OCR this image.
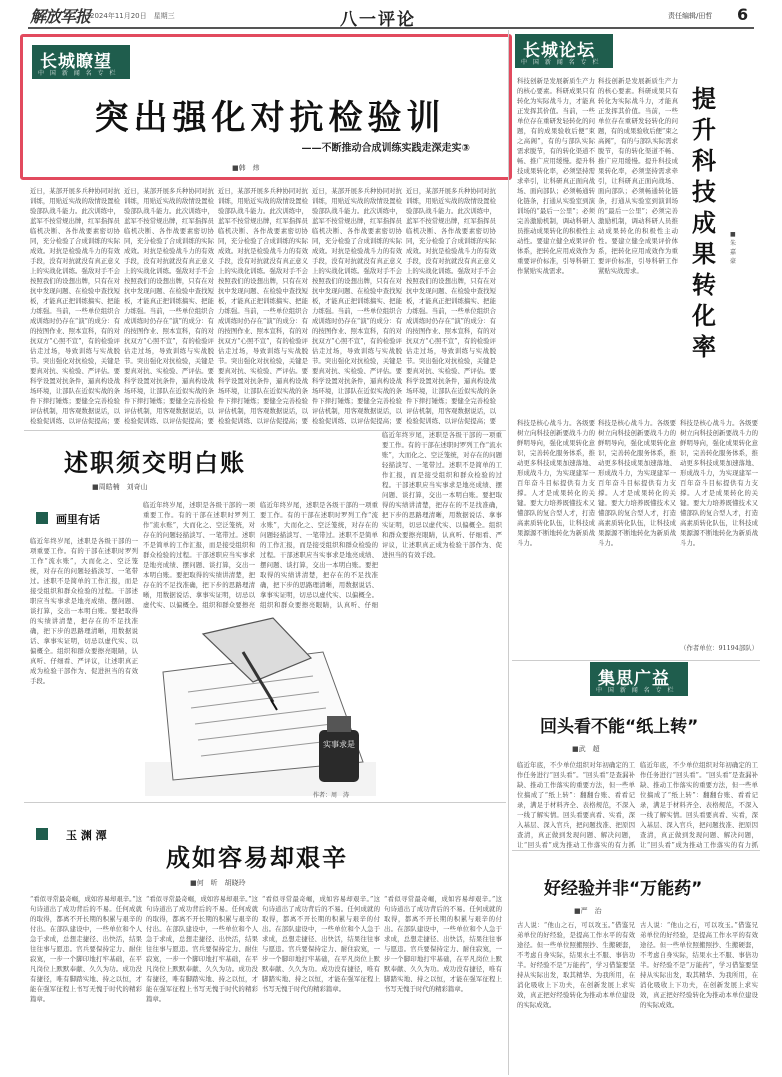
解放军报 2024年11月20日　星期三	八一评论	责任编辑/田哲 6
长城瞭望
中 国 新 闻 名 专 栏
突出强化对抗检验训
——不断推动合成训练实践走深走实③
■韩　炜
近日，某部开展多兵种协同对抗训练，用贴近实战的敌情设置检验部队战斗能力。此次训练中，蓝军不按常规出牌，红军指挥员临机决断、各作战要素密切协同，充分检验了合成训练的实际成效。对抗是检验战斗力的有效手段，没有对抗就没有真正意义上的实战化训练。强敌对手不会按照我们的设想出牌，只有在对抗中发现问题、在检验中查找短板，才能真正把训练搞实、把能力练强。当前，一些单位组织合成训练时仍存在“演”的成分：有的按图作业、照本宣科，有的对抗双方“心照不宣”，有的检验评估走过场，导致训练与实战脱节。突出强化对抗检验，关键是要真对抗、实检验、严评估。要科学设置对抗条件，逼真构设战场环境，让部队在近似实战的条件下摔打锤炼；要健全完善检验评估机制，用客观数据说话，以检验促训练、以评估促提高；要
近日，某部开展多兵种协同对抗训练，用贴近实战的敌情设置检验部队战斗能力。此次训练中，蓝军不按常规出牌，红军指挥员临机决断、各作战要素密切协同，充分检验了合成训练的实际成效。对抗是检验战斗力的有效手段，没有对抗就没有真正意义上的实战化训练。强敌对手不会按照我们的设想出牌，只有在对抗中发现问题、在检验中查找短板，才能真正把训练搞实、把能力练强。当前，一些单位组织合成训练时仍存在“演”的成分：有的按图作业、照本宣科，有的对抗双方“心照不宣”，有的检验评估走过场，导致训练与实战脱节。突出强化对抗检验，关键是要真对抗、实检验、严评估。要科学设置对抗条件，逼真构设战场环境，让部队在近似实战的条件下摔打锤炼；要健全完善检验评估机制，用客观数据说话，以检验促训练、以评估促提高；要
近日，某部开展多兵种协同对抗训练，用贴近实战的敌情设置检验部队战斗能力。此次训练中，蓝军不按常规出牌，红军指挥员临机决断、各作战要素密切协同，充分检验了合成训练的实际成效。对抗是检验战斗力的有效手段，没有对抗就没有真正意义上的实战化训练。强敌对手不会按照我们的设想出牌，只有在对抗中发现问题、在检验中查找短板，才能真正把训练搞实、把能力练强。当前，一些单位组织合成训练时仍存在“演”的成分：有的按图作业、照本宣科，有的对抗双方“心照不宣”，有的检验评估走过场，导致训练与实战脱节。突出强化对抗检验，关键是要真对抗、实检验、严评估。要科学设置对抗条件，逼真构设战场环境，让部队在近似实战的条件下摔打锤炼；要健全完善检验评估机制，用客观数据说话，以检验促训练、以评估促提高；要
近日，某部开展多兵种协同对抗训练，用贴近实战的敌情设置检验部队战斗能力。此次训练中，蓝军不按常规出牌，红军指挥员临机决断、各作战要素密切协同，充分检验了合成训练的实际成效。对抗是检验战斗力的有效手段，没有对抗就没有真正意义上的实战化训练。强敌对手不会按照我们的设想出牌，只有在对抗中发现问题、在检验中查找短板，才能真正把训练搞实、把能力练强。当前，一些单位组织合成训练时仍存在“演”的成分：有的按图作业、照本宣科，有的对抗双方“心照不宣”，有的检验评估走过场，导致训练与实战脱节。突出强化对抗检验，关键是要真对抗、实检验、严评估。要科学设置对抗条件，逼真构设战场环境，让部队在近似实战的条件下摔打锤炼；要健全完善检验评估机制，用客观数据说话，以检验促训练、以评估促提高；要
近日，某部开展多兵种协同对抗训练，用贴近实战的敌情设置检验部队战斗能力。此次训练中，蓝军不按常规出牌，红军指挥员临机决断、各作战要素密切协同，充分检验了合成训练的实际成效。对抗是检验战斗力的有效手段，没有对抗就没有真正意义上的实战化训练。强敌对手不会按照我们的设想出牌，只有在对抗中发现问题、在检验中查找短板，才能真正把训练搞实、把能力练强。当前，一些单位组织合成训练时仍存在“演”的成分：有的按图作业、照本宣科，有的对抗双方“心照不宣”，有的检验评估走过场，导致训练与实战脱节。突出强化对抗检验，关键是要真对抗、实检验、严评估。要科学设置对抗条件，逼真构设战场环境，让部队在近似实战的条件下摔打锤炼；要健全完善检验评估机制，用客观数据说话，以检验促训练、以评估促提高；要
长城论坛
中 国 新 闻 名 专 栏
提升科技成果转化率
■朱嘉豪
科技创新是发展新质生产力的核心要素。科研成果只有转化为实际战斗力，才能真正发挥其价值。当前，一些单位存在重研发轻转化的问题，有的成果验收后便“束之高阁”，有的与部队实际需求脱节，有的转化渠道不畅、推广应用缓慢。提升科技成果转化率，必须坚持需求牵引，让科研真正面向战场、面向部队；必须畅通转化链条，打通从实验室到演训场的“最后一公里”；必须完善激励机制，调动科研人员推动成果转化的积极性主动性。要建立健全成果评价体系，把转化应用成效作为重要评价标准，引导科研工作紧贴实战需求。
科技创新是发展新质生产力的核心要素。科研成果只有转化为实际战斗力，才能真正发挥其价值。当前，一些单位存在重研发轻转化的问题，有的成果验收后便“束之高阁”，有的与部队实际需求脱节，有的转化渠道不畅、推广应用缓慢。提升科技成果转化率，必须坚持需求牵引，让科研真正面向战场、面向部队；必须畅通转化链条，打通从实验室到演训场的“最后一公里”；必须完善激励机制，调动科研人员推动成果转化的积极性主动性。要建立健全成果评价体系，把转化应用成效作为重要评价标准，引导科研工作紧贴实战需求。
科技是核心战斗力。各级要树立向科技创新要战斗力的鲜明导向，强化成果转化意识，完善转化服务体系，推动更多科技成果加速落地、形成战斗力，为实现建军一百年奋斗目标提供有力支撑。人才是成果转化的关键。要大力培养既懂技术又懂部队的复合型人才，打造高素质转化队伍，让科技成果源源不断地转化为新质战斗力。
科技是核心战斗力。各级要树立向科技创新要战斗力的鲜明导向，强化成果转化意识，完善转化服务体系，推动更多科技成果加速落地、形成战斗力，为实现建军一百年奋斗目标提供有力支撑。人才是成果转化的关键。要大力培养既懂技术又懂部队的复合型人才，打造高素质转化队伍，让科技成果源源不断地转化为新质战斗力。
科技是核心战斗力。各级要树立向科技创新要战斗力的鲜明导向，强化成果转化意识，完善转化服务体系，推动更多科技成果加速落地、形成战斗力，为实现建军一百年奋斗目标提供有力支撑。人才是成果转化的关键。要大力培养既懂技术又懂部队的复合型人才，打造高素质转化队伍，让科技成果源源不断地转化为新质战斗力。
（作者单位：91194部队）
集思广益
中 国 新 闻 名 专 栏
回头看不能“纸上转”
■武　超
临近年底，不少单位组织对年初确定的工作任务进行“回头看”。“回头看”是查漏补缺、推动工作落实的重要方法，但一些单位搞成了“纸上转”：翻翻台账、看看记录，满足于材料齐全、表格规范，不深入一线了解实情。回头看要真看、实看，深入基层、深入官兵，把问题找准、把原因查清，真正做到发现问题、解决问题，让“回头看”成为推动工作落实的有力抓
临近年底，不少单位组织对年初确定的工作任务进行“回头看”。“回头看”是查漏补缺、推动工作落实的重要方法，但一些单位搞成了“纸上转”：翻翻台账、看看记录，满足于材料齐全、表格规范，不深入一线了解实情。回头看要真看、实看，深入基层、深入官兵，把问题找准、把原因查清，真正做到发现问题、解决问题，让“回头看”成为推动工作落实的有力抓
好经验并非“万能药”
■严　治
古人说：“他山之石，可以攻玉。”借鉴兄弟单位的好经验，是提高工作水平的有效途径。但一些单位照搬照抄、生搬硬套，不考虑自身实际，结果水土不服、事倍功半。好经验不是“万能药”，学习借鉴要坚持从实际出发，取其精华、为我所用，在消化吸收上下功夫，在创新发展上求实效，真正把好经验转化为推动本单位建设的实际成效。
古人说：“他山之石，可以攻玉。”借鉴兄弟单位的好经验，是提高工作水平的有效途径。但一些单位照搬照抄、生搬硬套，不考虑自身实际，结果水土不服、事倍功半。好经验不是“万能药”，学习借鉴要坚持从实际出发，取其精华、为我所用，在消化吸收上下功夫，在创新发展上求实效，真正把好经验转化为推动本单位建设的实际成效。
述职须交明白账
■周皓楠　刘奇山
画里有话
临近年终岁尾，述职是各级干部的一项重要工作。有的干部在述职时罗列工作“流水账”，大而化之、空泛笼统，对存在的问题轻描淡写、一笔带过。述职不是简单的工作汇报，而是接受组织和群众检验的过程。干部述职应当实事求是地亮成绩、摆问题、谈打算，交出一本明白账。要把取得的实绩讲清楚，把存在的不足找准确，把下步的思路理清晰，用数据说话、拿事实证明，切忌以虚代实、以偏概全。组织和群众要擦亮眼睛，认真听、仔细看、严评议，让述职真正成为检验干部作为、促进担当的有效手段。
临近年终岁尾，述职是各级干部的一项重要工作。有的干部在述职时罗列工作“流水账”，大而化之、空泛笼统，对存在的问题轻描淡写、一笔带过。述职不是简单的工作汇报，而是接受组织和群众检验的过程。干部述职应当实事求是地亮成绩、摆问题、谈打算，交出一本明白账。要把取得的实绩讲清楚，把存在的不足找准确，把下步的思路理清晰，用数据说话、拿事实证明，切忌以虚代实、以偏概全。组织和群众要擦亮
临近年终岁尾，述职是各级干部的一项重要工作。有的干部在述职时罗列工作“流水账”，大而化之、空泛笼统，对存在的问题轻描淡写、一笔带过。述职不是简单的工作汇报，而是接受组织和群众检验的过程。干部述职应当实事求是地亮成绩、摆问题、谈打算，交出一本明白账。要把取得的实绩讲清楚，把存在的不足找准确，把下步的思路理清晰，用数据说话、拿事实证明，切忌以虚代实、以偏概全。组织和群众要擦亮眼睛，认真听、仔细
临近年终岁尾，述职是各级干部的一项重要工作。有的干部在述职时罗列工作“流水账”，大而化之、空泛笼统，对存在的问题轻描淡写、一笔带过。述职不是简单的工作汇报，而是接受组织和群众检验的过程。干部述职应当实事求是地亮成绩、摆问题、谈打算，交出一本明白账。要把取得的实绩讲清楚，把存在的不足找准确，把下步的思路理清晰，用数据说话、拿事实证明，切忌以虚代实、以偏概全。组织和群众要擦亮眼睛，认真听、仔细看、严评议，让述职真正成为检验干部作为、促进担当的有效手段。
实事求是
作者：周　涛
玉 渊 潭
成如容易却艰辛
■何　昕　胡晓玲
“看似寻常最奇崛，成如容易却艰辛。”这句诗道出了成功背后的不易。任何成就的取得，都离不开长期的积累与艰辛的付出。在部队建设中，一些单位和个人急于求成，总想走捷径、出快活，结果往往事与愿违。官兵要保持定力、耐住寂寞，一步一个脚印地打牢基础，在平凡岗位上默默奉献、久久为功。成功没有捷径，唯有脚踏实地、持之以恒，才能在强军征程上书写无愧于时代的精彩篇章。
“看似寻常最奇崛，成如容易却艰辛。”这句诗道出了成功背后的不易。任何成就的取得，都离不开长期的积累与艰辛的付出。在部队建设中，一些单位和个人急于求成，总想走捷径、出快活，结果往往事与愿违。官兵要保持定力、耐住寂寞，一步一个脚印地打牢基础，在平凡岗位上默默奉献、久久为功。成功没有捷径，唯有脚踏实地、持之以恒，才能在强军征程上书写无愧于时代的精彩篇章。
“看似寻常最奇崛，成如容易却艰辛。”这句诗道出了成功背后的不易。任何成就的取得，都离不开长期的积累与艰辛的付出。在部队建设中，一些单位和个人急于求成，总想走捷径、出快活，结果往往事与愿违。官兵要保持定力、耐住寂寞，一步一个脚印地打牢基础，在平凡岗位上默默奉献、久久为功。成功没有捷径，唯有脚踏实地、持之以恒，才能在强军征程上书写无愧于时代的精彩篇章。
“看似寻常最奇崛，成如容易却艰辛。”这句诗道出了成功背后的不易。任何成就的取得，都离不开长期的积累与艰辛的付出。在部队建设中，一些单位和个人急于求成，总想走捷径、出快活，结果往往事与愿违。官兵要保持定力、耐住寂寞，一步一个脚印地打牢基础，在平凡岗位上默默奉献、久久为功。成功没有捷径，唯有脚踏实地、持之以恒，才能在强军征程上书写无愧于时代的精彩篇章。
